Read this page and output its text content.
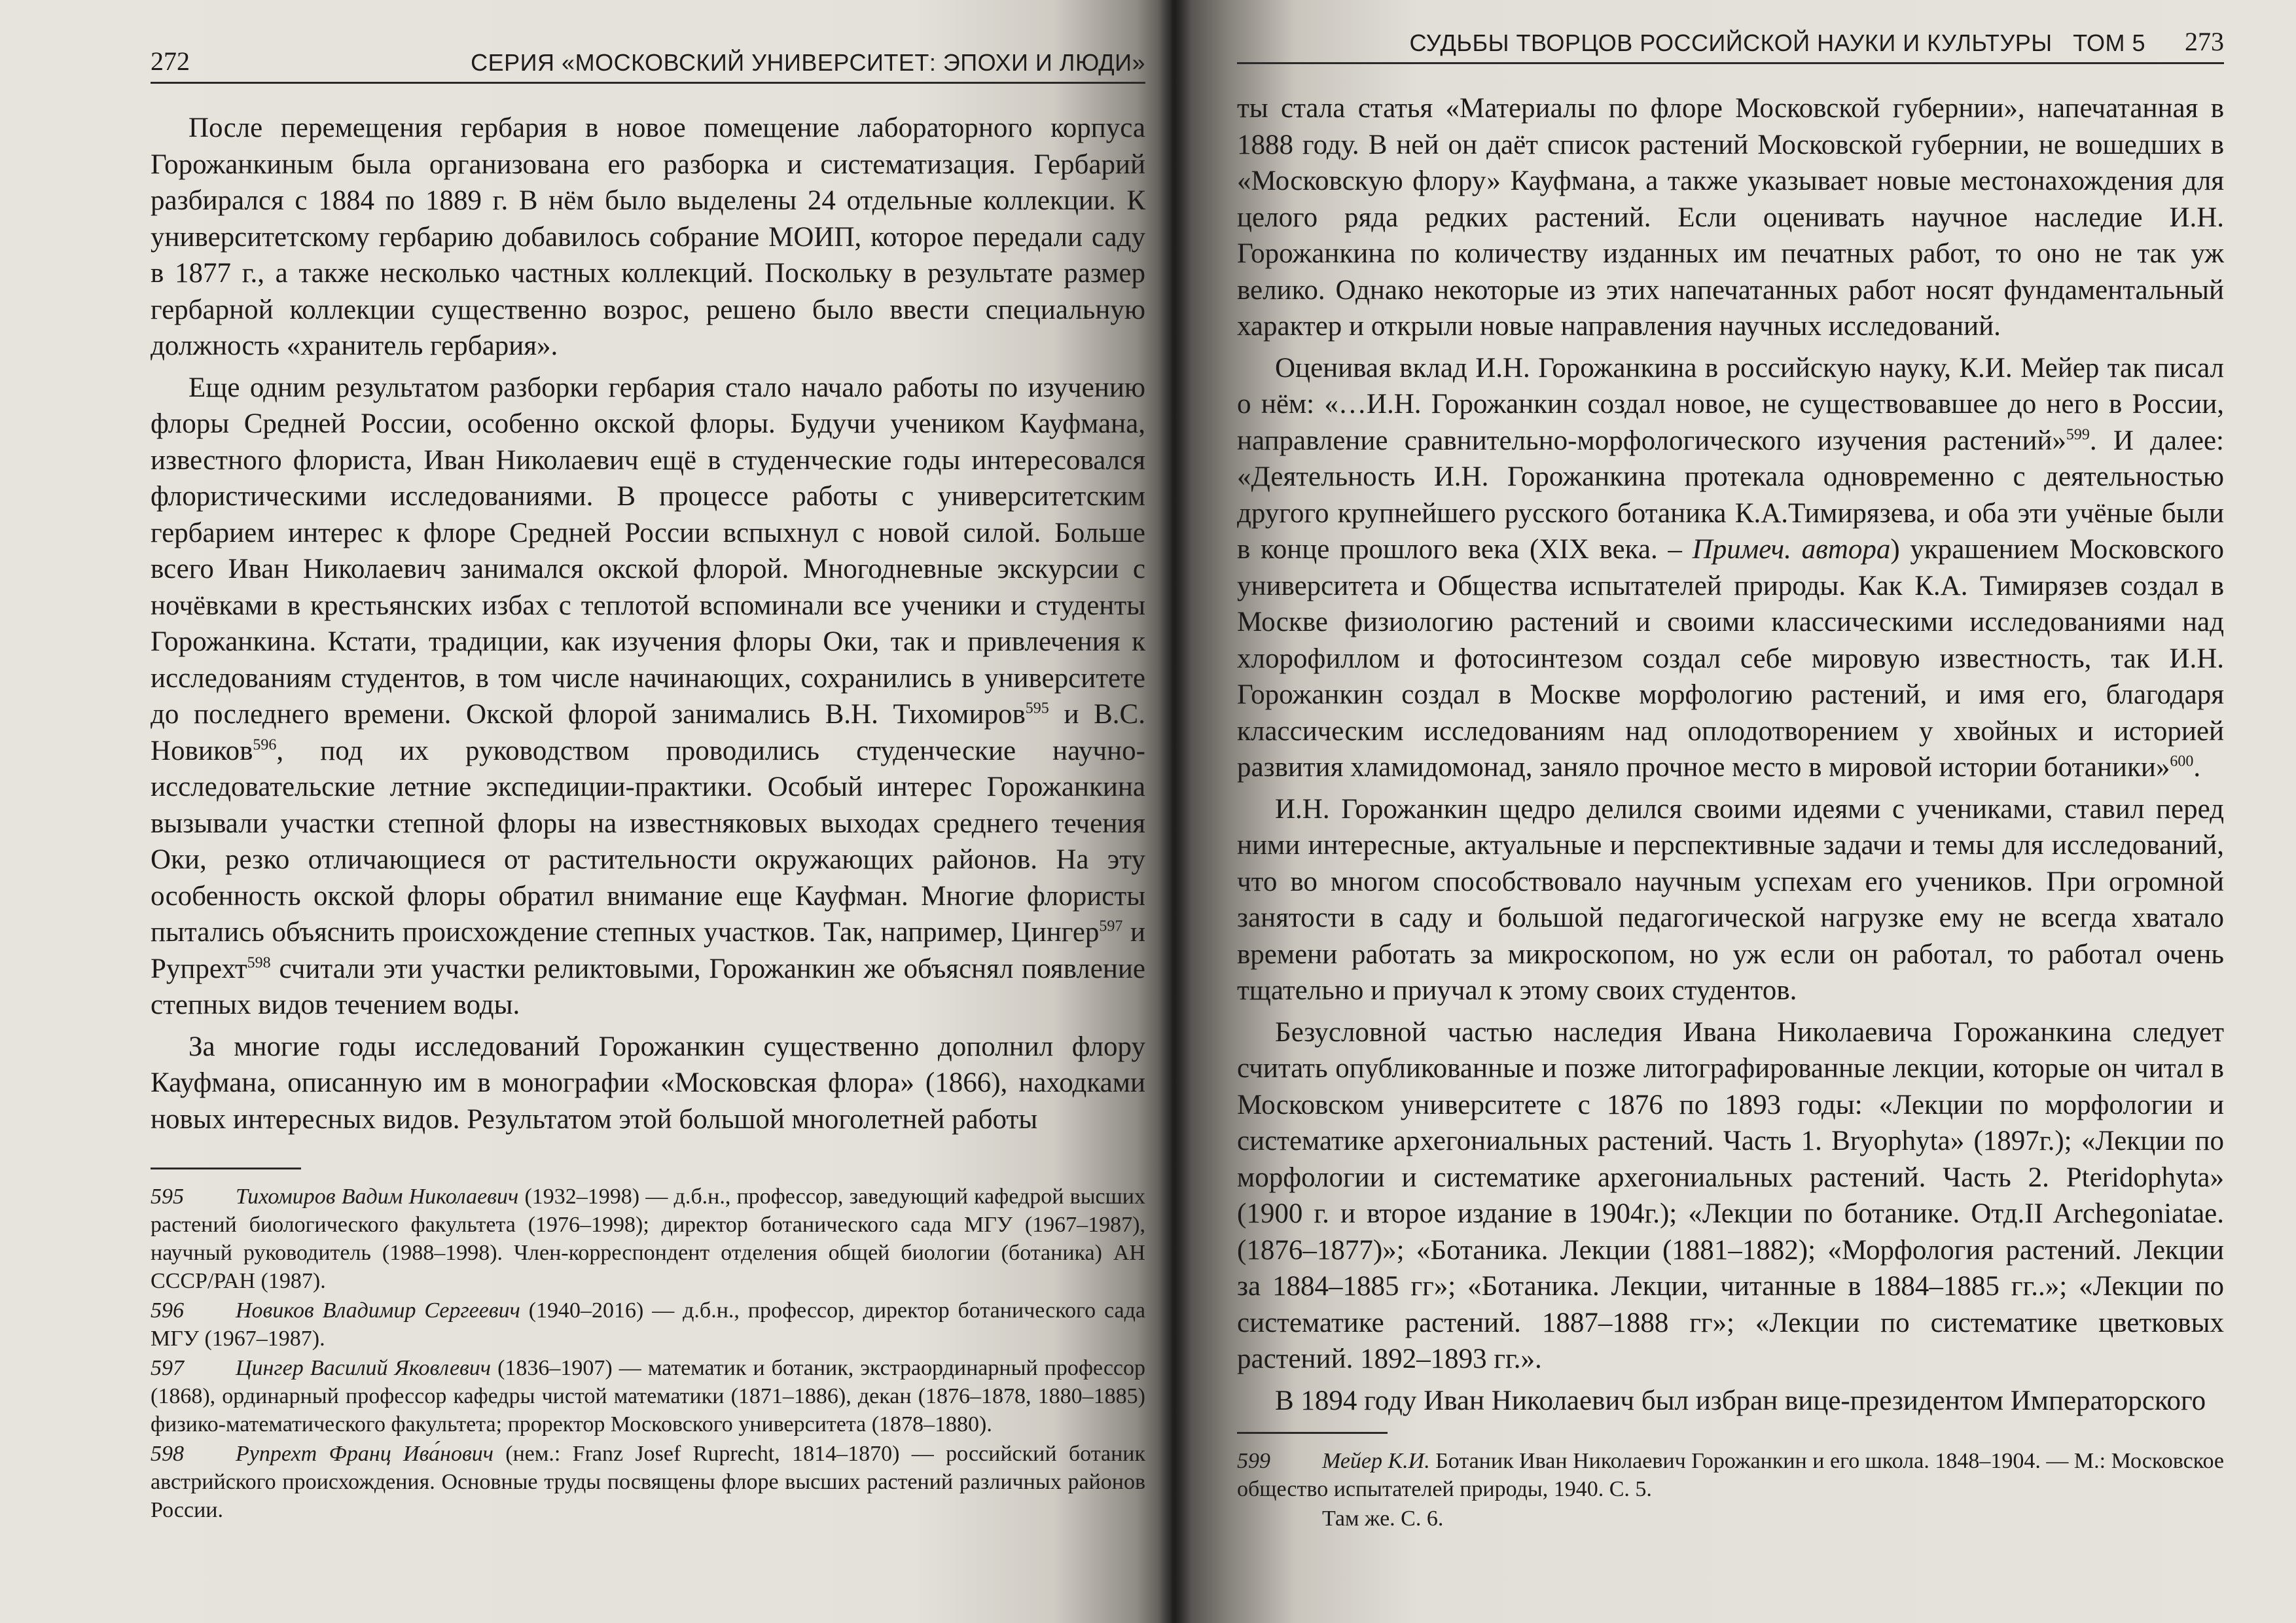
272	СЕРИЯ «МОСКОВСКИЙ УНИВЕРСИТЕТ: ЭПОХИ И ЛЮДИ»

После перемещения гербария в новое помещение лабораторного корпуса Горожанкиным была организована его разборка и систематизация. Гербарий разбирался с 1884 по 1889 г. В нём было выделены 24 отдельные коллекции. К университетскому гербарию добавилось собрание МОИП, которое передали саду в 1877 г., а также несколько частных коллекций. Поскольку в результате размер гербарной коллекции существенно возрос, решено было ввести специальную должность «хранитель гербария».

Еще одним результатом разборки гербария стало начало работы по изучению флоры Средней России, особенно окской флоры. Будучи учеником Кауфмана, известного флориста, Иван Николаевич ещё в студенческие годы интересовался флористическими исследованиями. В процессе работы с университетским гербарием интерес к флоре Средней России вспыхнул с новой силой. Больше всего Иван Николаевич занимался окской флорой. Многодневные экскурсии с ночёвками в крестьянских избах с теплотой вспоминали все ученики и студенты Горожанкина. Кстати, традиции, как изучения флоры Оки, так и привлечения к исследованиям студентов, в том числе начинающих, сохранились в университете до последнего времени. Окской флорой занимались В.Н. Тихомиров$^{595}$ и В.С. Новиков$^{596}$, под их руководством проводились студенческие научно-исследовательские летние экспедиции-практики. Особый интерес Горожанкина вызывали участки степной флоры на известняковых выходах среднего течения Оки, резко отличающиеся от растительности окружающих районов. На эту особенность окской флоры обратил внимание еще Кауфман. Многие флористы пытались объяснить происхождение степных участков. Так, например, Цингер$^{597}$ и Рупрехт$^{598}$ считали эти участки реликтовыми, Горожанкин же объяснял появление степных видов течением воды.

За многие годы исследований Горожанкин существенно дополнил флору Кауфмана, описанную им в монографии «Московская флора» (1866), находками новых интересных видов. Результатом этой большой многолетней работы

595 Тихомиров Вадим Николаевич (1932–1998) — д.б.н., профессор, заведующий кафедрой высших растений биологического факультета (1976–1998); директор ботанического сада МГУ (1967–1987), научный руководитель (1988–1998). Член-корреспондент отделения общей биологии (ботаника) АН СССР/РАН (1987).

596 Новиков Владимир Сергеевич (1940–2016) — д.б.н., профессор, директор ботанического сада МГУ (1967–1987).

597 Цингер Василий Яковлевич (1836–1907) — математик и ботаник, экстраординарный профессор (1868), ординарный профессор кафедры чистой математики (1871–1886), декан (1876–1878, 1880–1885) физико-математического факультета; проректор Московского университета (1878–1880).

598 Рупрехт Франц Ива́нович (нем.: Franz Josef Ruprecht, 1814–1870) — российский ботаник австрийского происхождения. Основные труды посвящены флоре высших растений различных районов России.

СУДЬБЫ ТВОРЦОВ РОССИЙСКОЙ НАУКИ И КУЛЬТУРЫ ТОМ 5 273

ты стала статья «Материалы по флоре Московской губернии», напечатанная в 1888 году. В ней он даёт список растений Московской губернии, не вошедших в «Московскую флору» Кауфмана, а также указывает новые местонахождения для целого ряда редких растений. Если оценивать научное наследие И.Н. Горожанкина по количеству изданных им печатных работ, то оно не так уж велико. Однако некоторые из этих напечатанных работ носят фундаментальный характер и открыли новые направления научных исследований.

Оценивая вклад И.Н. Горожанкина в российскую науку, К.И. Мейер так писал о нём: «…И.Н. Горожанкин создал новое, не существовавшее до него в России, направление сравнительно-морфологического изучения растений»$^{599}$. И далее: «Деятельность И.Н. Горожанкина протекала одновременно с деятельностью другого крупнейшего русского ботаника К.А.Тимирязева, и оба эти учёные были в конце прошлого века (XIX века. – Примеч. автора) украшением Московского университета и Общества испытателей природы. Как К.А. Тимирязев создал в Москве физиологию растений и своими классическими исследованиями над хлорофиллом и фотосинтезом создал себе мировую известность, так И.Н. Горожанкин создал в Москве морфологию растений, и имя его, благодаря классическим исследованиям над оплодотворением у хвойных и историей развития хламидомонад, заняло прочное место в мировой истории ботаники»$^{600}$.

И.Н. Горожанкин щедро делился своими идеями с учениками, ставил перед ними интересные, актуальные и перспективные задачи и темы для исследований, что во многом способствовало научным успехам его учеников. При огромной занятости в саду и большой педагогической нагрузке ему не всегда хватало времени работать за микроскопом, но уж если он работал, то работал очень тщательно и приучал к этому своих студентов.

Безусловной частью наследия Ивана Николаевича Горожанкина следует считать опубликованные и позже литографированные лекции, которые он читал в Московском университете с 1876 по 1893 годы: «Лекции по морфологии и систематике архегониальных растений. Часть 1. Bryophyta» (1897г.); «Лекции по морфологии и систематике архегониальных растений. Часть 2. Pteridophyta» (1900 г. и второе издание в 1904г.); «Лекции по ботанике. Отд.II Archegoniatae. (1876–1877)»; «Ботаника. Лекции (1881–1882); «Морфология растений. Лекции за 1884–1885 гг»; «Ботаника. Лекции, читанные в 1884–1885 гг..»; «Лекции по систематике растений. 1887–1888 гг»; «Лекции по систематике цветковых растений. 1892–1893 гг.».

В 1894 году Иван Николаевич был избран вице-президентом Императорского

599 Мейер К.И. Ботаник Иван Николаевич Горожанкин и его школа. 1848–1904. — М.: Московское общество испытателей природы, 1940. С. 5.

Там же. С. 6.
